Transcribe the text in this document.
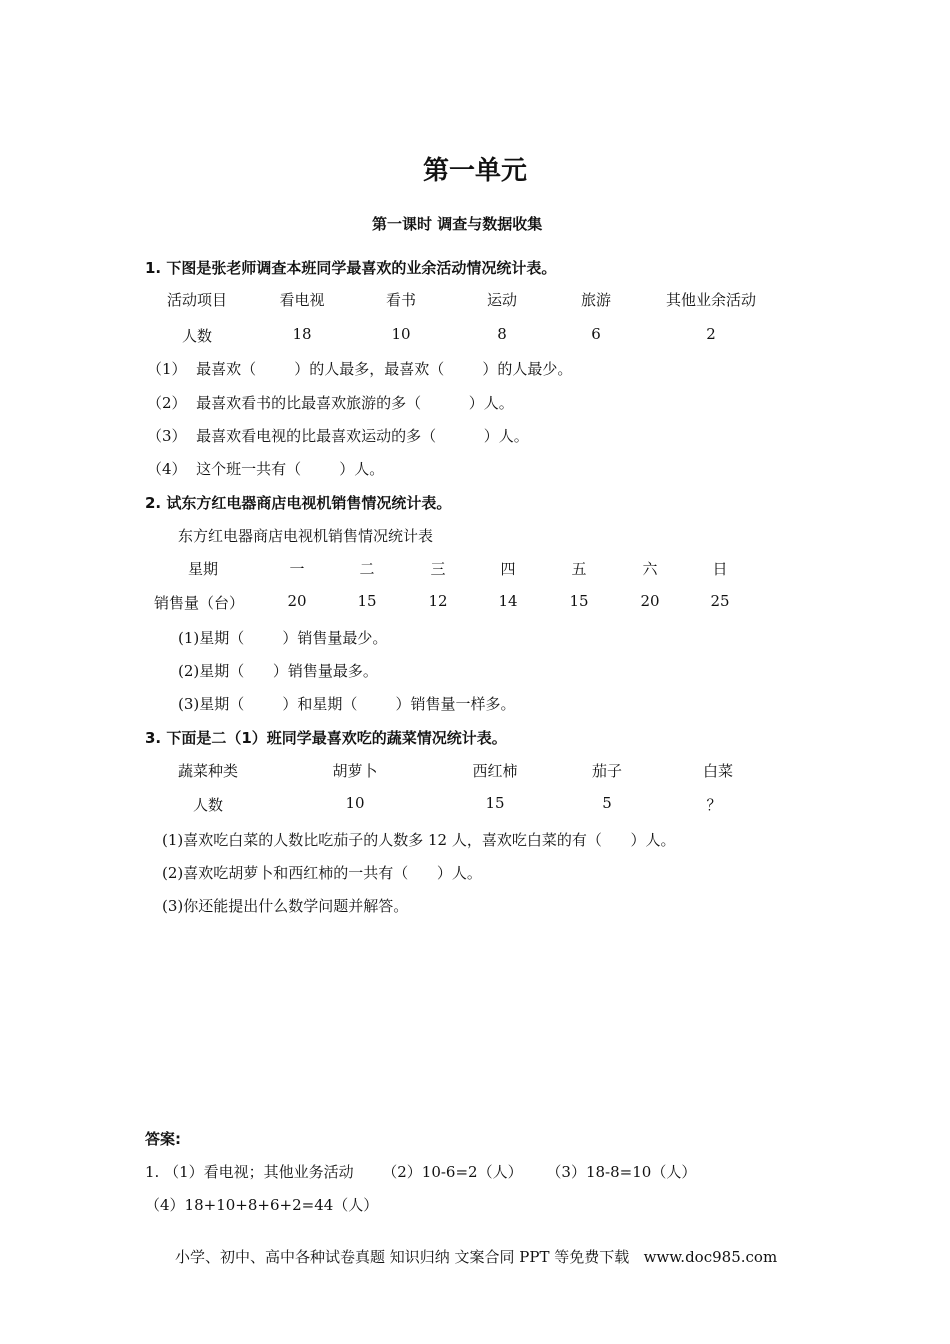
第一单元
第一课时 调查与数据收集
1. 下图是张老师调查本班同学最喜欢的业余活动情况统计表。
活动项目	看电视	看书	运动	旅游	其他业余活动
人数	18	10	8	6	2
（1）  最喜欢（        ）的人最多，最喜欢（        ）的人最少。
（2）  最喜欢看书的比最喜欢旅游的多（          ）人。
（3）  最喜欢看电视的比最喜欢运动的多（          ）人。
（4）  这个班一共有（        ）人。
2. 试东方红电器商店电视机销售情况统计表。
东方红电器商店电视机销售情况统计表
星期	一	二	三	四	五	六	日
销售量（台）	20	15	12	14	15	20	25
(1)星期（        ）销售量最少。
(2)星期（      ）销售量最多。
(3)星期（        ）和星期（        ）销售量一样多。
3. 下面是二（1）班同学最喜欢吃的蔬菜情况统计表。
蔬菜种类	胡萝卜	西红柿	茄子	白菜
人数	10	15	5	？
(1)喜欢吃白菜的人数比吃茄子的人数多 12 人，喜欢吃白菜的有（      ）人。
(2)喜欢吃胡萝卜和西红柿的一共有（      ）人。
(3)你还能提出什么数学问题并解答。
答案:
1. （1）看电视；其他业务活动      （2）10-6=2（人）     （3）18-8=10（人）
（4）18+10+8+6+2=44（人）
小学、初中、高中各种试卷真题 知识归纳 文案合同 PPT 等免费下载   www.doc985.com
